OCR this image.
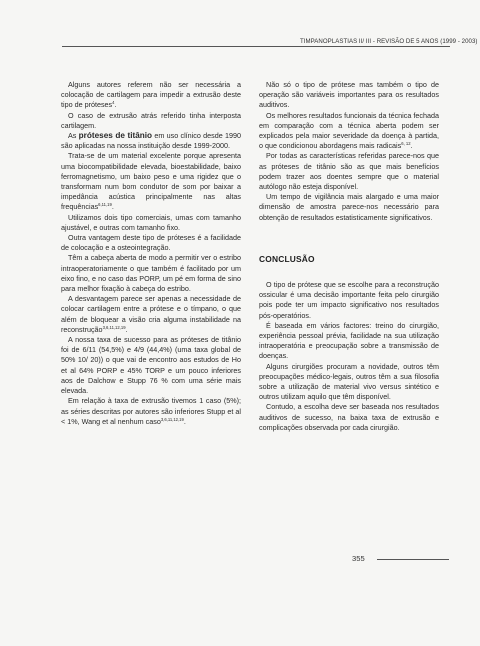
TIMPANOPLASTIAS II/ III - REVISÃO DE 5 ANOS (1999 - 2003)

Alguns autores referem não ser necessária a colocação de cartilagem para impedir a extrusão deste tipo de próteses$^4$.

O caso de extrusão atrás referido tinha interposta cartilagem.

As próteses de titânio em uso clínico desde 1990 são aplicadas na nossa instituição desde 1999-2000.

Trata-se de um material excelente porque apresenta uma biocompatibilidade elevada, bioestabilidade, baixo ferromagnetismo, um baixo peso e uma rigidez que o transformam num bom condutor de som por baixar a impedância acústica principalmente nas altas frequências$^{6,11,19}$.

Utilizamos dois tipo comerciais, umas com tamanho ajustável, e outras com tamanho fixo.

Outra vantagem deste tipo de próteses é a facilidade de colocação e a osteointegração.

Têm a cabeça aberta de modo a permitir ver o estribo intraoperatoriamente o que também é facilitado por um eixo fino, e no caso das PORP, um pé em forma de sino para melhor fixação à cabeça do estribo.

A desvantagem parece ser apenas a necessidade de colocar cartilagem entre a prótese e o tímpano, o que além de bloquear a visão cria alguma instabilidade na reconstrução$^{3,6,11,12,19}$.

A nossa taxa de sucesso para as próteses de titânio foi de 6/11 (54,5%) e 4/9 (44,4%) (uma taxa global de 50% 10/ 20)) o que vai de encontro aos estudos de Ho et al 64% PORP e 45% TORP e um pouco inferiores aos de Dalchow e Stupp 76 % com uma série mais elevada.

Em relação à taxa de extrusão tivemos 1 caso (5%); as séries descritas por autores são inferiores Stupp et al < 1%, Wang et al nenhum caso$^{3,6,11,12,19}$.

Não só o tipo de prótese mas também o tipo de operação são variáveis importantes para os resultados auditivos.

Os melhores resultados funcionais da técnica fechada em comparação com a técnica aberta podem ser explicados pela maior severidade da doença à partida, o que condicionou abordagens mais radicais$^{6, 12}$.

Por todas as características referidas parece-nos que as próteses de titânio são as que mais benefícios podem trazer aos doentes sempre que o material autólogo não esteja disponível.

Um tempo de vigilância mais alargado e uma maior dimensão de amostra parece-nos necessário para obtenção de resultados estatisticamente significativos.

CONCLUSÃO

O tipo de prótese que se escolhe para a reconstrução ossicular é uma decisão importante feita pelo cirurgião pois pode ter um impacto significativo nos resultados pós-operatórios.

É baseada em vários factores: treino do cirurgião, experiência pessoal prévia, facilidade na sua utilização intraoperatória e preocupação sobre a transmissão de doenças.

Alguns cirurgiões procuram a novidade, outros têm preocupações médico-legais, outros têm a sua filosofia sobre a utilização de material vivo versus sintético e outros utilizam aquilo que têm disponível.

Contudo, a escolha deve ser baseada nos resultados auditivos de sucesso, na baixa taxa de extrusão e complicações observada por cada cirurgião.

355
